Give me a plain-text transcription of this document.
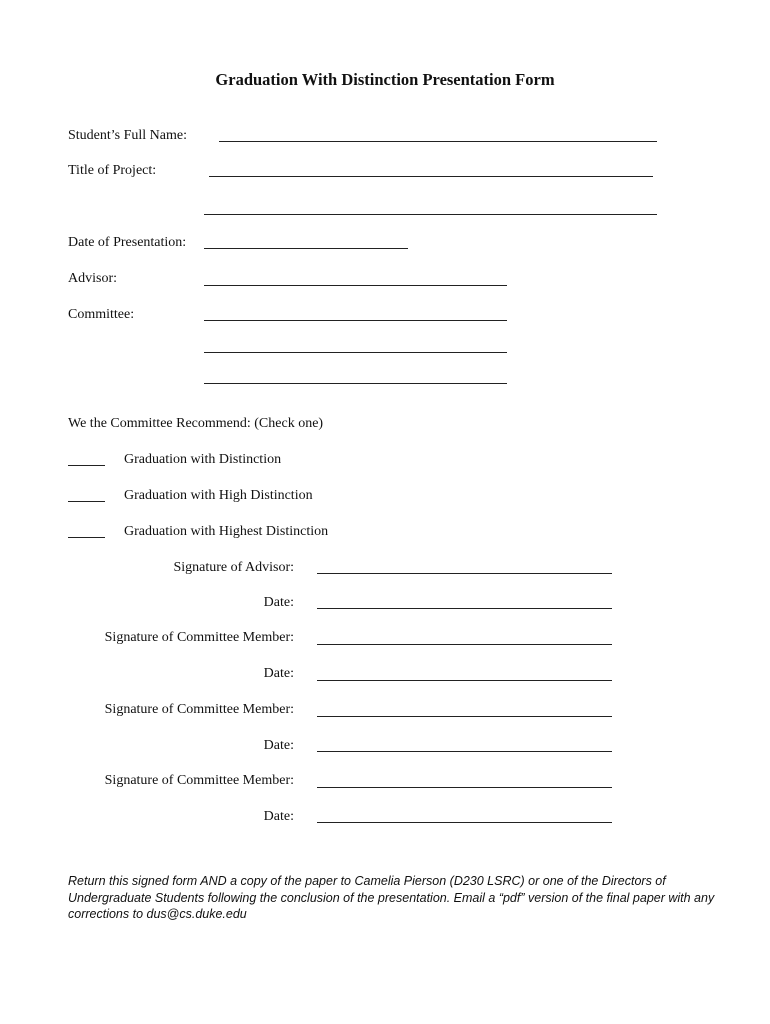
Graduation With Distinction Presentation Form
Student’s Full Name:
Title of Project:
Date of Presentation:
Advisor:
Committee:
We the Committee Recommend: (Check one)
Graduation with Distinction
Graduation with High Distinction
Graduation with Highest Distinction
Signature of Advisor:
Date:
Signature of Committee Member:
Date:
Signature of Committee Member:
Date:
Signature of Committee Member:
Date:
Return this signed form AND a copy of the paper to Camelia Pierson (D230 LSRC) or one of the Directors of Undergraduate Students following the conclusion of the presentation. Email a “pdf” version of the final paper with any corrections to dus@cs.duke.edu
